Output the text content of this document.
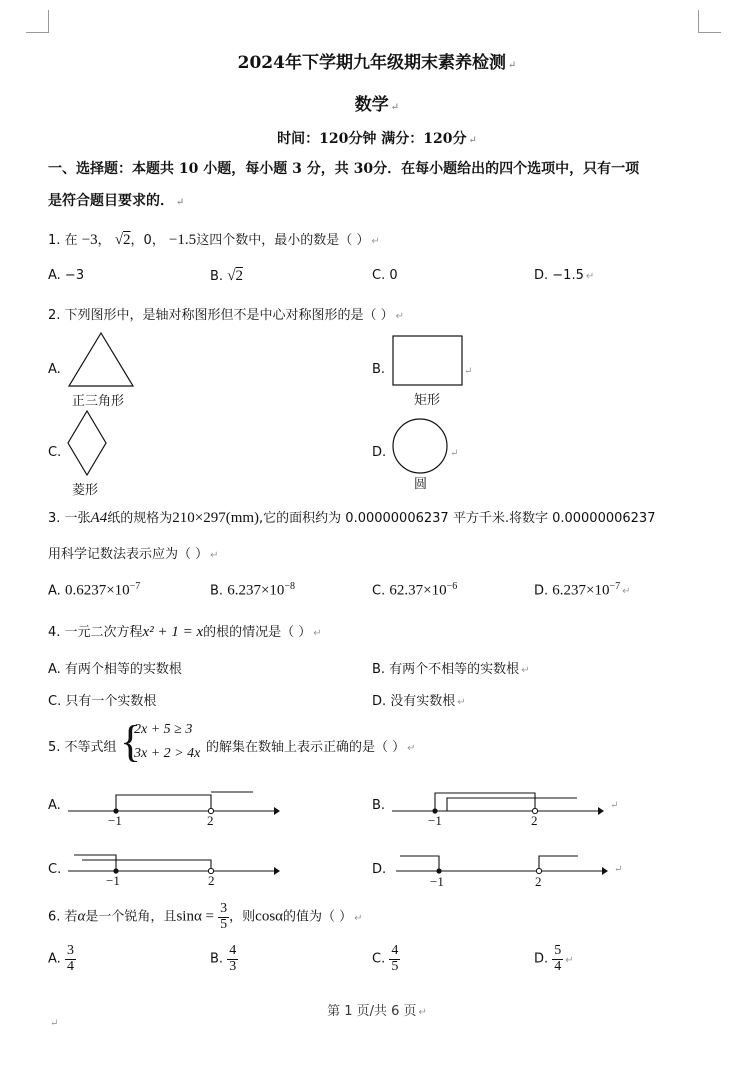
2024年下学期九年级期末素养检测 ↵
数学 ↵
时间：120分钟 满分：120分 ↵
一、选择题：本题共 10 小题，每小题 3 分，共 30分．在每小题给出的四个选项中，只有一项
是符合题目要求的． ↵
1. 在 −3， √2，0， −1.5这四个数中，最小的数是（ ） ↵
A. −3	B. √2	C. 0	D. −1.5 ↵
2. 下列图形中，是轴对称图形但不是中心对称图形的是（ ） ↵
A.
正三角形
B.	↵
矩形
C.
菱形
D.	↵
圆
3. 一张A4纸的规格为210×297(mm),它的面积约为 0.00000006237 平方千米.将数字 0.00000006237
用科学记数法表示应为（ ） ↵
A. $0.6237\times 10^{-7}$	B. $6.237\times 10^{-8}$	C. $62.37\times 10^{-6}$	D. $6.237\times 10^{-7}$ ↵
4. 一元二次方程x² + 1 = x的根的情况是（ ） ↵
A. 有两个相等的实数根	B. 有两个不相等的实数根 ↵
C. 只有一个实数根	D. 没有实数根 ↵
5. 不等式组 {
2x + 5 ≥ 3
3x + 2 > 4x 的解集在数轴上表示正确的是（ ） ↵
A.
−1	2
B.	↵
−1	2
C.
−1	2
D.	↵
−1	2
6. 若α是一个锐角，且$\sin\alpha = \frac{3}{5}$ ，则cosα的值为（ ） ↵
A. $\frac{3}{4}$	B. $\frac{4}{3}$	C. $\frac{4}{5}$	D. $\frac{5}{4}$ ↵
第 1 页/共 6 页 ↵
↵
